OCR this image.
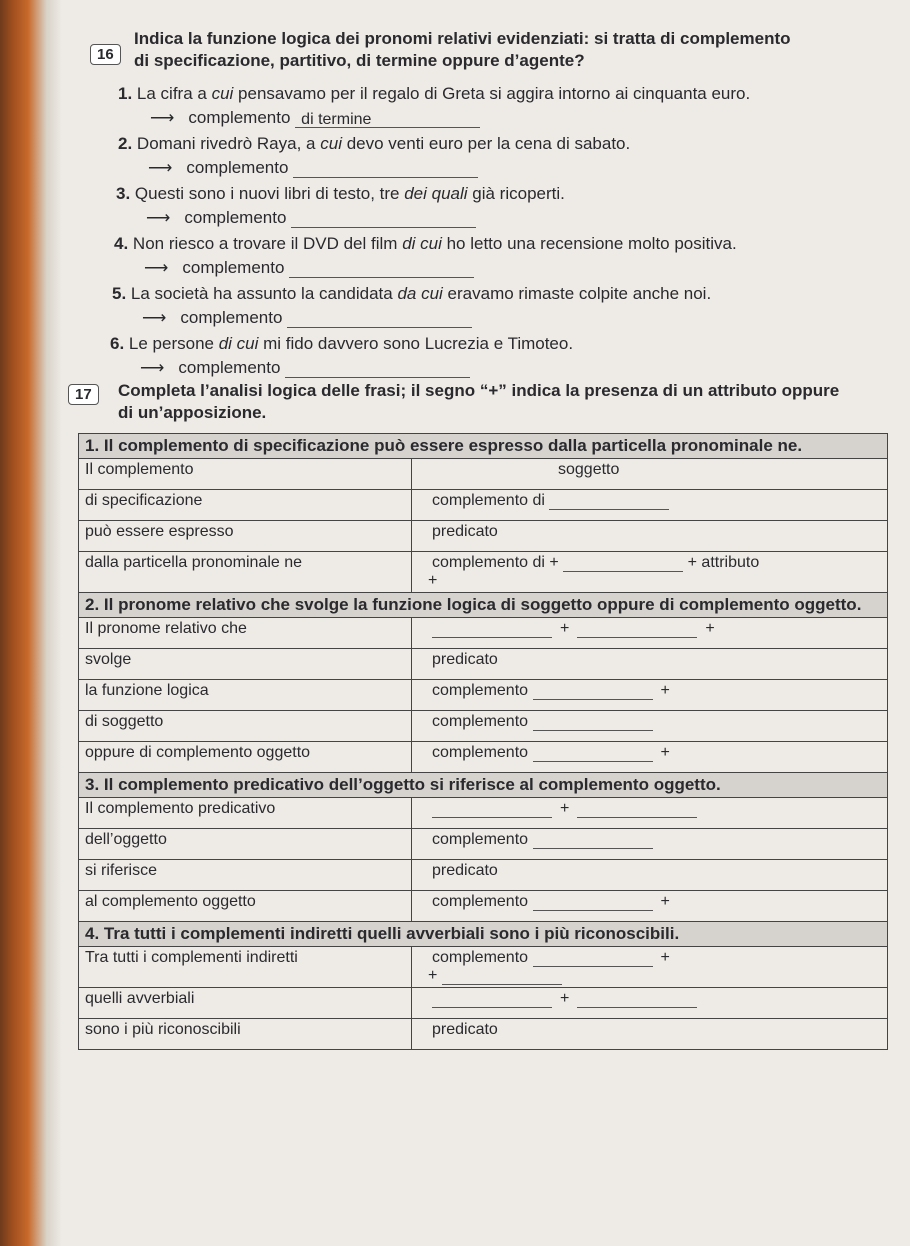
16
Indica la funzione logica dei pronomi relativi evidenziati: si tratta di complemento
di specificazione, partitivo, di termine oppure d’agente?
1. La cifra a cui pensavamo per il regalo di Greta si aggira intorno ai cinquanta euro.
⟶ complemento di termine
2. Domani rivedrò Raya, a cui devo venti euro per la cena di sabato.
⟶ complemento
3. Questi sono i nuovi libri di testo, tre dei quali già ricoperti.
⟶ complemento
4. Non riesco a trovare il DVD del film di cui ho letto una recensione molto positiva.
⟶ complemento
5. La società ha assunto la candidata da cui eravamo rimaste colpite anche noi.
⟶ complemento
6. Le persone di cui mi fido davvero sono Lucrezia e Timoteo.
⟶ complemento
17	Completa l’analisi logica delle frasi; il segno “+” indica la presenza di un attributo oppure
di un’apposizione.
1. Il complemento di specificazione può essere espresso dalla particella pronominale ne.	
Il complemento	soggetto
di specificazione	complemento di
può essere espresso	predicato
dalla particella pronominale ne	complemento di + + attributo
+

2. Il pronome relativo che svolge la funzione logica di soggetto oppure di complemento oggetto.	
Il pronome relativo che	+ +
svolge	predicato
la funzione logica	complemento +
di soggetto	complemento
oppure di complemento oggetto	complemento +
3. Il complemento predicativo dell’oggetto si riferisce al complemento oggetto.	
Il complemento predicativo	+
dell’oggetto	complemento
si riferisce	predicato
al complemento oggetto	complemento +
4. Tra tutti i complementi indiretti quelli avverbiali sono i più riconoscibili.	
Tra tutti i complementi indiretti	complemento +
+

quelli avverbiali	+
sono i più riconoscibili	predicato
